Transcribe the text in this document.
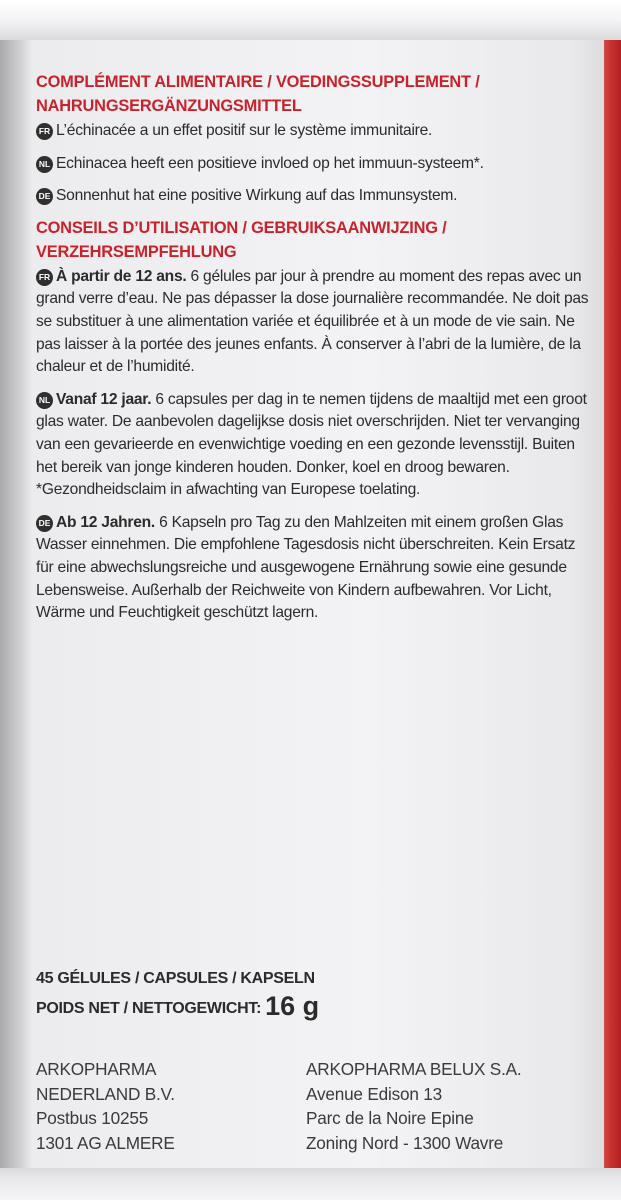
COMPLÉMENT ALIMENTAIRE / VOEDINGSSUPPLEMENT /
NAHRUNGSERGÄNZUNGSMITTEL

FR L’échinacée a un effet positif sur le système immunitaire.

NL Echinacea heeft een positieve invloed op het immuun-systeem*.

DE Sonnenhut hat eine positive Wirkung auf das Immunsystem.

CONSEILS D’UTILISATION / GEBRUIKSAANWIJZING /
VERZEHRSEMPFEHLUNG

FR À partir de 12 ans. 6 gélules par jour à prendre au moment des repas avec un grand verre d’eau. Ne pas dépasser la dose journalière recommandée. Ne doit pas se substituer à une alimentation variée et équilibrée et à un mode de vie sain. Ne pas laisser à la portée des jeunes enfants. À conserver à l’abri de la lumière, de la chaleur et de l’humidité.

NL Vanaf 12 jaar. 6 capsules per dag in te nemen tijdens de maaltijd met een groot glas water. De aanbevolen dagelijkse dosis niet overschrijden. Niet ter vervanging van een gevarieerde en evenwichtige voeding en een gezonde levensstijl. Buiten het bereik van jonge kinderen houden. Donker, koel en droog bewaren.
*Gezondheidsclaim in afwachting van Europese toelating.

DE Ab 12 Jahren. 6 Kapseln pro Tag zu den Mahlzeiten mit einem großen Glas Wasser einnehmen. Die empfohlene Tagesdosis nicht überschreiten. Kein Ersatz für eine abwechslungsreiche und ausgewogene Ernährung sowie eine gesunde Lebensweise. Außerhalb der Reichweite von Kindern aufbewahren. Vor Licht, Wärme und Feuchtigkeit geschützt lagern.

45 GÉLULES / CAPSULES / KAPSELN
POIDS NET / NETTOGEWICHT: 16 g
ARKOPHARMA
NEDERLAND B.V.
Postbus 10255
1301 AG ALMERE
ARKOPHARMA BELUX S.A.
Avenue Edison 13
Parc de la Noire Epine
Zoning Nord - 1300 Wavre
